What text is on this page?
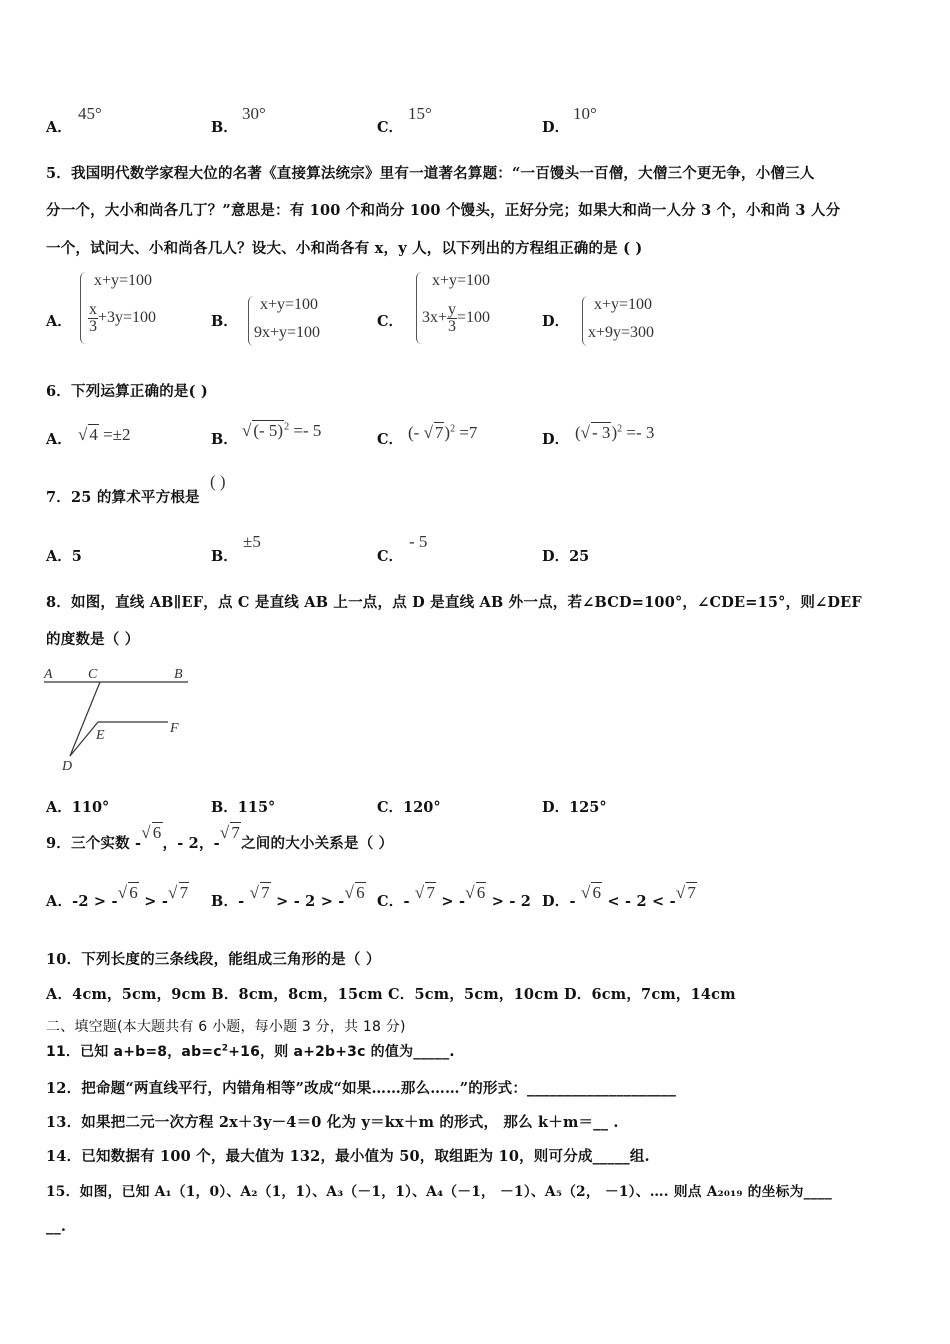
A．
45°
B．
30°
C．
15°
D．
10°
5．我国明代数学家程大位的名著《直接算法统宗》里有一道著名算题：“一百馒头一百僧，大僧三个更无争，小僧三人
分一个，大小和尚各几丁？”意思是：有 100 个和尚分 100 个馒头，正好分完；如果大和尚一人分 3 个，小和尚 3 人分
一个，试问大、小和尚各几人？设大、小和尚各有 x，y 人，以下列出的方程组正确的是 ( )
A．
x+y=100
$\frac{x}{3} +3y=100$	B．
x+y=100
9x+y=100
C．
x+y=100
$3x+ \frac{y}{3} =100$	D．
x+y=100
x+9y=300
6．下列运算正确的是( )
A． √ 4 =±2	B． √ (- 5)$^2$ =- 5	C． (- √ 7)$^2$ =7	D． (√ - 3)$^2$ =- 3
7．25 的算术平方根是
( )
A．5	B．
±5
C．
- 5
D．25
8．如图，直线 AB∥EF，点 C 是直线 AB 上一点，点 D 是直线 AB 外一点，若∠BCD=100°，∠CDE=15°，则∠DEF
的度数是（ ）
A	C	B
F
E
D
A．110°	B．115°	C．120°	D．125°
9．三个实数 -√ 6，- 2，-√ 7之间的大小关系是（ ）
A．-2 > -√ 6 > -√ 7 B．- √ 7 > - 2 > -√ 6 C．- √ 7 > -√ 6 > - 2 D．- √ 6 < - 2 < -√ 7
10．下列长度的三条线段，能组成三角形的是（ ）
A．4cm，5cm，9cm B．8cm，8cm，15cm C．5cm，5cm，10cm D．6cm，7cm，14cm
二、填空题(本大题共有 6 小题，每小题 3 分，共 18 分)
11．已知 a+b=8，$ab=c^2+16$，则 a+2b+3c 的值为_____.
12．把命题“两直线平行，内错角相等”改成“如果……那么……”的形式：____________________
13．如果把二元一次方程 2x＋3y－4＝0 化为 y＝kx＋m 的形式， 那么 k＋m＝__ .
14．已知数据有 100 个，最大值为 132，最小值为 50，取组距为 10，则可分成_____组.
15．如图，已知 A₁（1，0）、A₂（1，1）、A₃（－1，1）、A₄（－1， －1）、A₅（2， －1）、…. 则点 A₂₀₁₉ 的坐标为____
__.
